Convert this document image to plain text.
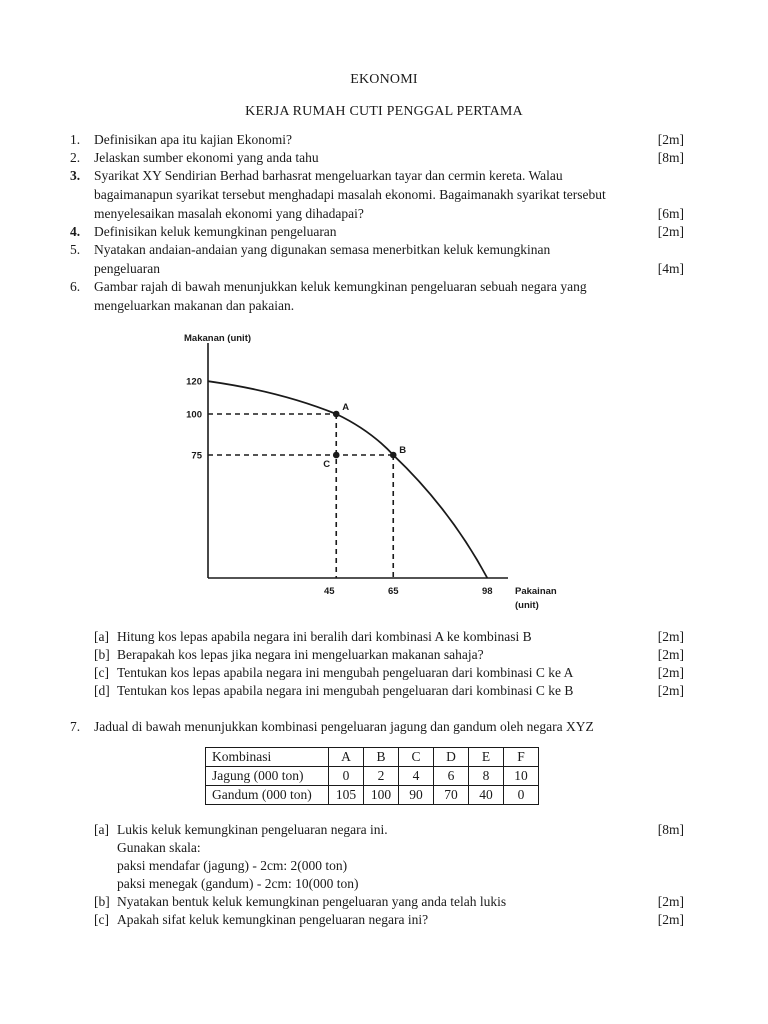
EKONOMI
KERJA RUMAH CUTI PENGGAL PERTAMA
1. Definisikan apa itu kajian Ekonomi?	[2m]
2. Jelaskan sumber ekonomi yang anda tahu	[8m]
3. Syarikat XY Sendirian Berhad barhasrat mengeluarkan tayar dan cermin kereta. Walau
bagaimanapun syarikat tersebut menghadapi masalah ekonomi. Bagaimanakh syarikat tersebut
menyelesaikan masalah ekonomi yang dihadapai?	[6m]
4. Definisikan keluk kemungkinan pengeluaran	[2m]
5. Nyatakan andaian-andaian yang digunakan semasa menerbitkan keluk kemungkinan
pengeluaran	[4m]
6. Gambar rajah di bawah menunjukkan keluk kemungkinan pengeluaran sebuah negara yang
mengeluarkan makanan dan pakaian.
Makanan (unit)
Pakainan
(unit)
120
100
75
45	65	98
A
B
C
[a] Hitung kos lepas apabila negara ini beralih dari kombinasi A ke kombinasi B	[2m]
[b] Berapakah kos lepas jika negara ini mengeluarkan makanan sahaja?	[2m]
[c] Tentukan kos lepas apabila negara ini mengubah pengeluaran dari kombinasi C ke A	[2m]
[d] Tentukan kos lepas apabila negara ini mengubah pengeluaran dari kombinasi C ke B	[2m]
7. Jadual di bawah menunjukkan kombinasi pengeluaran jagung dan gandum oleh negara XYZ
Kombinasi	A	B	C	D	E	F
Jagung (000 ton)	0	2	4	6	8	10
Gandum (000 ton)	105	100	90	70	40	0
[a] Lukis keluk kemungkinan pengeluaran negara ini.	[8m]
Gunakan skala:
paksi mendafar (jagung) - 2cm: 2(000 ton)
paksi menegak (gandum) - 2cm: 10(000 ton)
[b] Nyatakan bentuk keluk kemungkinan pengeluaran yang anda telah lukis	[2m]
[c] Apakah sifat keluk kemungkinan pengeluaran negara ini?	[2m]
